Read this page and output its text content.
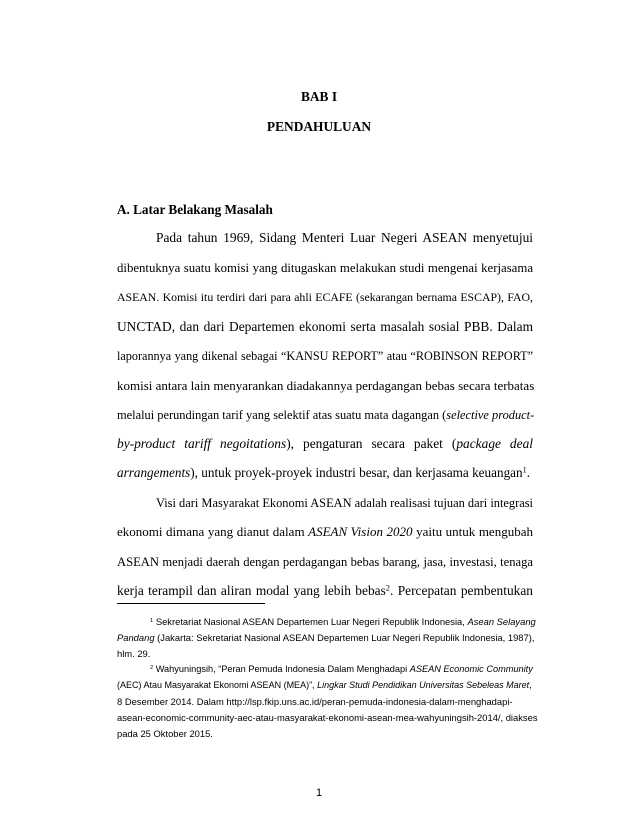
BAB I
PENDAHULUAN
A. Latar Belakang Masalah
Pada tahun 1969, Sidang Menteri Luar Negeri ASEAN menyetujui
dibentuknya suatu komisi yang ditugaskan melakukan studi mengenai kerjasama
ASEAN. Komisi itu terdiri dari para ahli ECAFE (sekarangan bernama ESCAP), FAO,
UNCTAD, dan dari Departemen ekonomi serta masalah sosial PBB. Dalam
laporannya yang dikenal sebagai “KANSU REPORT” atau “ROBINSON REPORT”
komisi antara lain menyarankan diadakannya perdagangan bebas secara terbatas
melalui perundingan tarif yang selektif atas suatu mata dagangan (selective product-
by-product tariff negoitations), pengaturan secara paket (package deal
arrangements), untuk proyek-proyek industri besar, dan kerjasama keuangan$^1$.
Visi dari Masyarakat Ekonomi ASEAN adalah realisasi tujuan dari integrasi
ekonomi dimana yang dianut dalam ASEAN Vision 2020 yaitu untuk mengubah
ASEAN menjadi daerah dengan perdagangan bebas barang, jasa, investasi, tenaga
kerja terampil dan aliran modal yang lebih bebas$^2$. Percepatan pembentukan
$^1$ Sekretariat Nasional ASEAN Departemen Luar Negeri Republik Indonesia, Asean Selayang
Pandang (Jakarta: Sekretariat Nasional ASEAN Departemen Luar Negeri Republik Indonesia, 1987),
hlm. 29.
$^2$ Wahyuningsih, “Peran Pemuda Indonesia Dalam Menghadapi ASEAN Economic Community
(AEC) Atau Masyarakat Ekonomi ASEAN (MEA)”, Lingkar Studi Pendidikan Universitas Sebeleas Maret,
8 Desember 2014. Dalam http://lsp.fkip.uns.ac.id/peran-pemuda-indonesia-dalam-menghadapi-
asean-economic-community-aec-atau-masyarakat-ekonomi-asean-mea-wahyuningsih-2014/, diakses
pada 25 Oktober 2015.
1
